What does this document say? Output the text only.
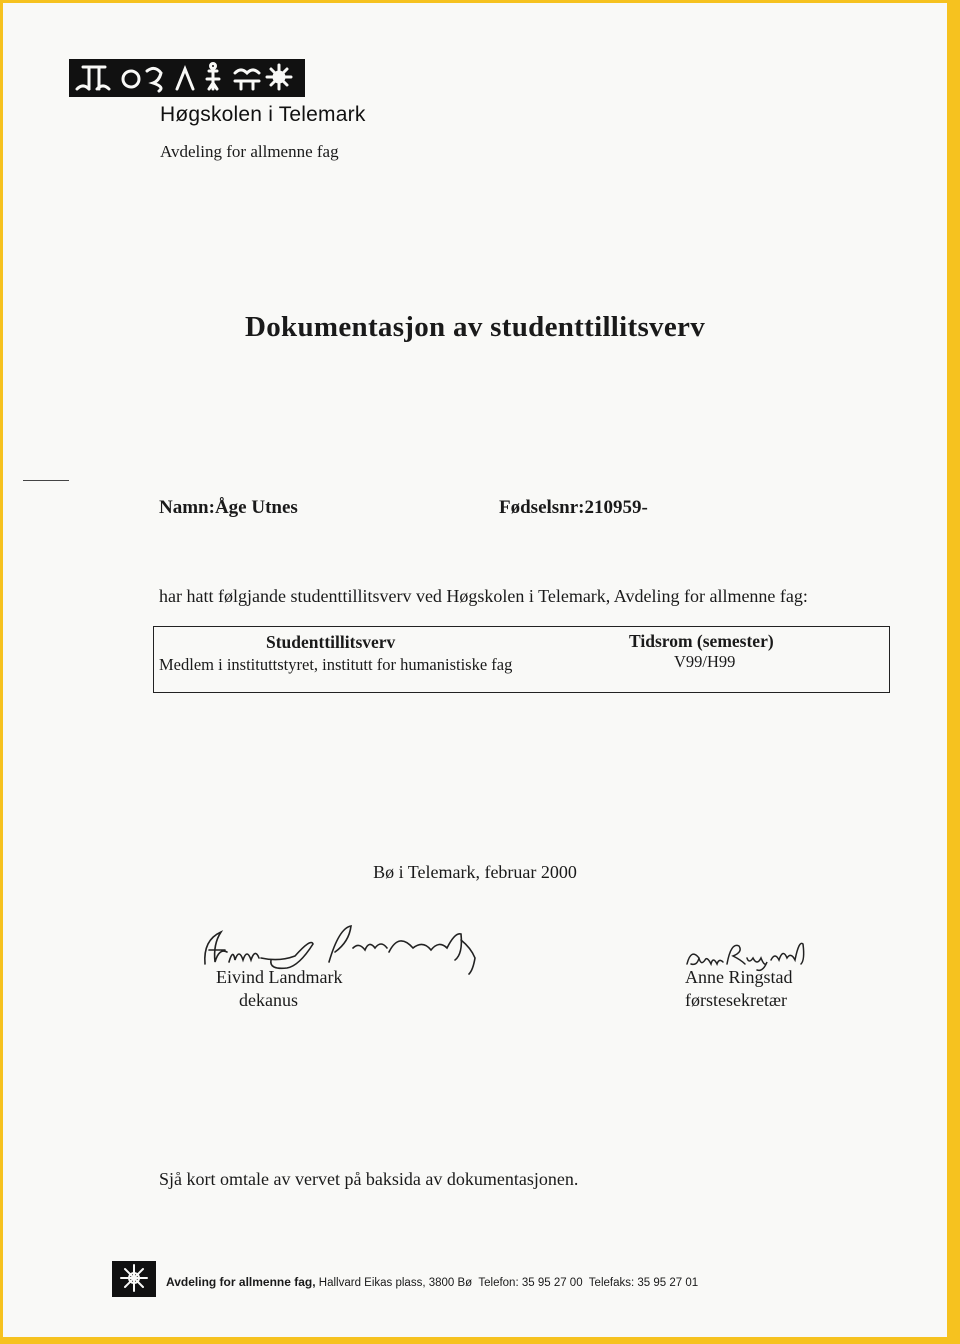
Høgskolen i Telemark
Avdeling for allmenne fag
Dokumentasjon av studenttillitsverv
Namn:Åge Utnes	Fødselsnr:210959-
har hatt følgjande studenttillitsverv ved Høgskolen i Telemark, Avdeling for allmenne fag:
Studenttillitsverv	Tidsrom (semester)
Medlem i instituttstyret, institutt for humanistiske fag	V99/H99
Bø i Telemark, februar 2000
Eivind Landmark
dekanus
Anne Ringstad
førstesekretær
Sjå kort omtale av vervet på baksida av dokumentasjonen.
Avdeling for allmenne fag, Hallvard Eikas plass, 3800 Bø Telefon: 35 95 27 00 Telefaks: 35 95 27 01
